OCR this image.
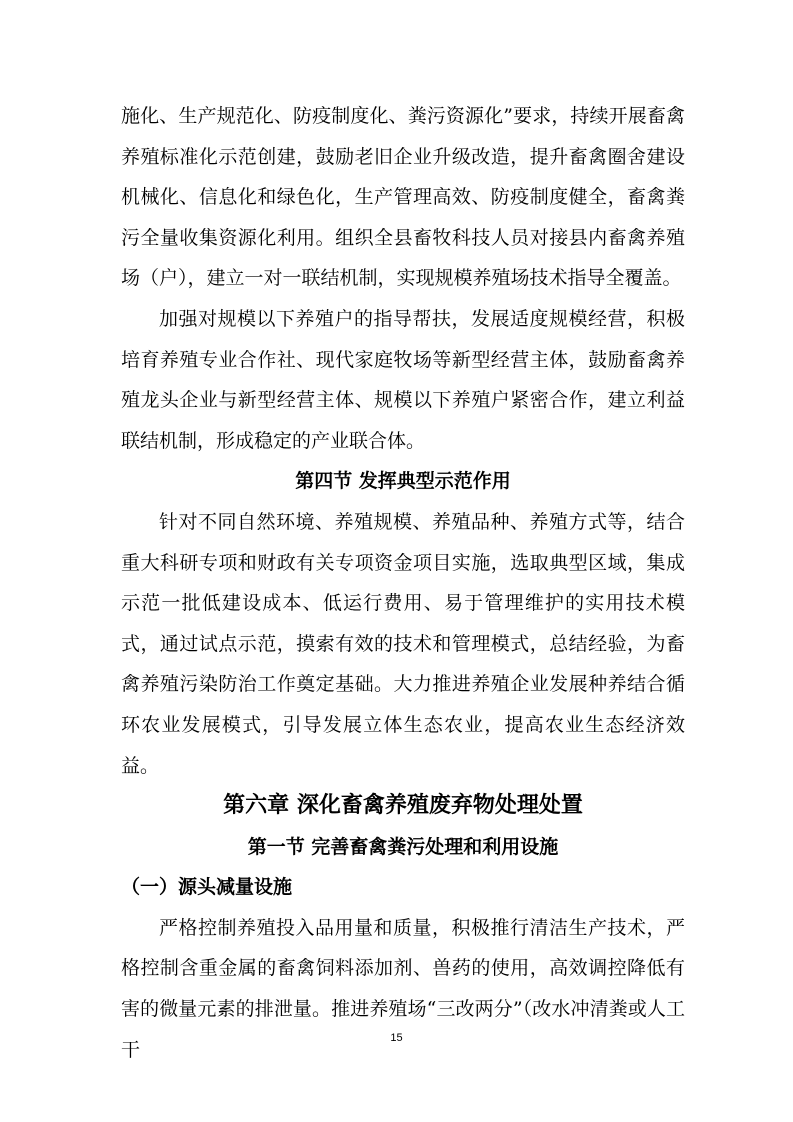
施化、生产规范化、防疫制度化、粪污资源化”要求，持续开展畜禽养殖标准化示范创建，鼓励老旧企业升级改造，提升畜禽圈舍建设机械化、信息化和绿色化，生产管理高效、防疫制度健全，畜禽粪污全量收集资源化利用。组织全县畜牧科技人员对接县内畜禽养殖场（户），建立一对一联结机制，实现规模养殖场技术指导全覆盖。

加强对规模以下养殖户的指导帮扶，发展适度规模经营，积极培育养殖专业合作社、现代家庭牧场等新型经营主体，鼓励畜禽养殖龙头企业与新型经营主体、规模以下养殖户紧密合作，建立利益联结机制，形成稳定的产业联合体。

第四节 发挥典型示范作用

针对不同自然环境、养殖规模、养殖品种、养殖方式等，结合重大科研专项和财政有关专项资金项目实施，选取典型区域，集成示范一批低建设成本、低运行费用、易于管理维护的实用技术模式，通过试点示范，摸索有效的技术和管理模式，总结经验，为畜禽养殖污染防治工作奠定基础。大力推进养殖企业发展种养结合循环农业发展模式，引导发展立体生态农业，提高农业生态经济效益。

第六章 深化畜禽养殖废弃物处理处置
第一节 完善畜禽粪污处理和利用设施
（一）源头减量设施

严格控制养殖投入品用量和质量，积极推行清洁生产技术，严格控制含重金属的畜禽饲料添加剂、兽药的使用，高效调控降低有害的微量元素的排泄量。推进养殖场“三改两分”（改水冲清粪或人工干

15
